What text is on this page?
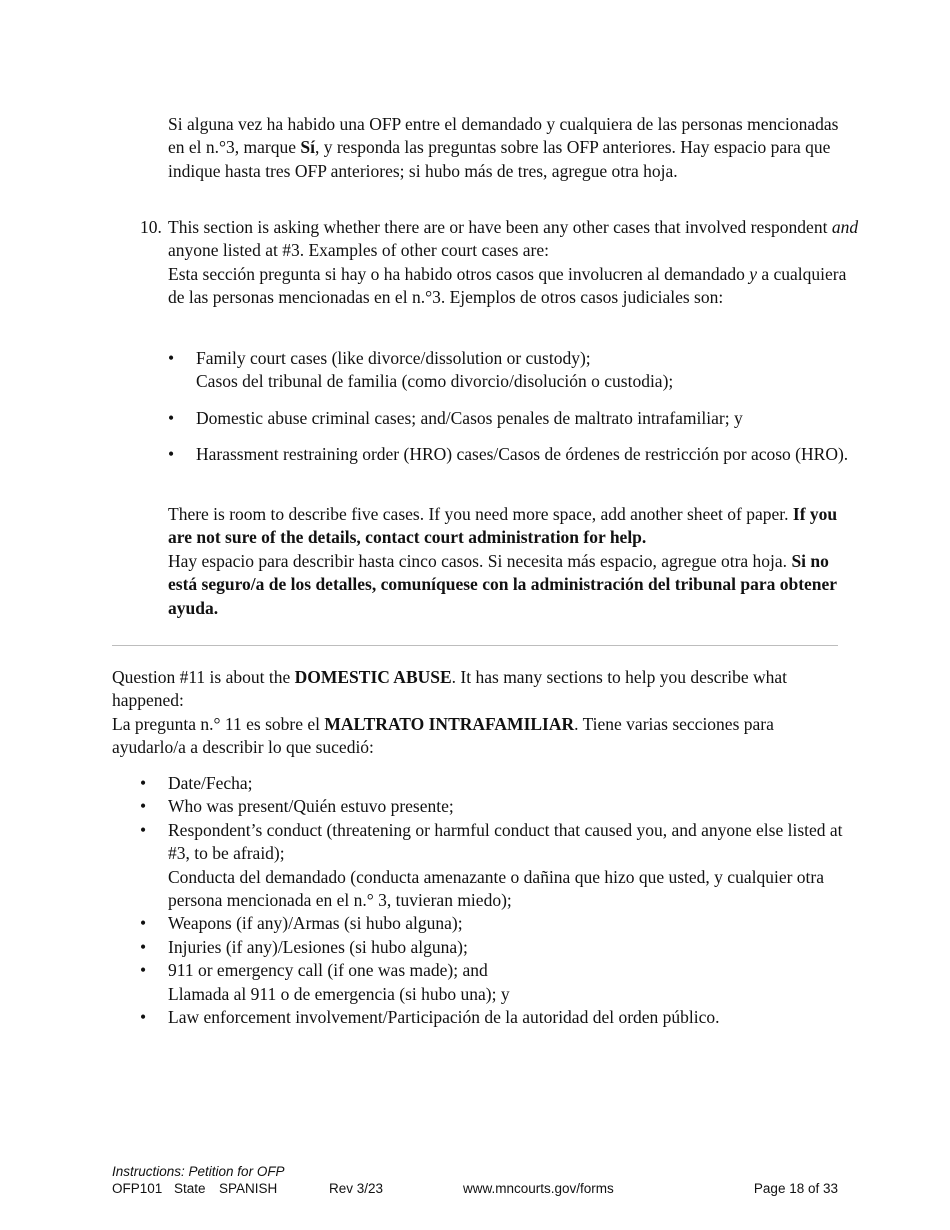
Si alguna vez ha habido una OFP entre el demandado y cualquiera de las personas mencionadas en el n.°3, marque Sí, y responda las preguntas sobre las OFP anteriores. Hay espacio para que indique hasta tres OFP anteriores; si hubo más de tres, agregue otra hoja.

10. This section is asking whether there are or have been any other cases that involved respondent and anyone listed at #3. Examples of other court cases are:

Esta sección pregunta si hay o ha habido otros casos que involucren al demandado y a cualquiera de las personas mencionadas en el n.°3. Ejemplos de otros casos judiciales son:

• Family court cases (like divorce/dissolution or custody);
Casos del tribunal de familia (como divorcio/disolución o custodia);
• Domestic abuse criminal cases; and/Casos penales de maltrato intrafamiliar; y
• Harassment restraining order (HRO) cases/Casos de órdenes de restricción por acoso (HRO).

There is room to describe five cases. If you need more space, add another sheet of paper. If you are not sure of the details, contact court administration for help.

Hay espacio para describir hasta cinco casos. Si necesita más espacio, agregue otra hoja. Si no está seguro/a de los detalles, comuníquese con la administración del tribunal para obtener ayuda.

Question #11 is about the DOMESTIC ABUSE. It has many sections to help you describe what happened:

La pregunta n.° 11 es sobre el MALTRATO INTRAFAMILIAR. Tiene varias secciones para ayudarlo/a a describir lo que sucedió:

• Date/Fecha;
• Who was present/Quién estuvo presente;
• Respondent’s conduct (threatening or harmful conduct that caused you, and anyone else listed at #3, to be afraid);
Conducta del demandado (conducta amenazante o dañina que hizo que usted, y cualquier otra persona mencionada en el n.° 3, tuvieran miedo);
• Weapons (if any)/Armas (si hubo alguna);
• Injuries (if any)/Lesiones (si hubo alguna);
• 911 or emergency call (if one was made); and
Llamada al 911 o de emergencia (si hubo una); y
• Law enforcement involvement/Participación de la autoridad del orden público.
Instructions: Petition for OFP
OFP101 State SPANISH	Rev 3/23	www.mncourts.gov/forms	Page 18 of 33
